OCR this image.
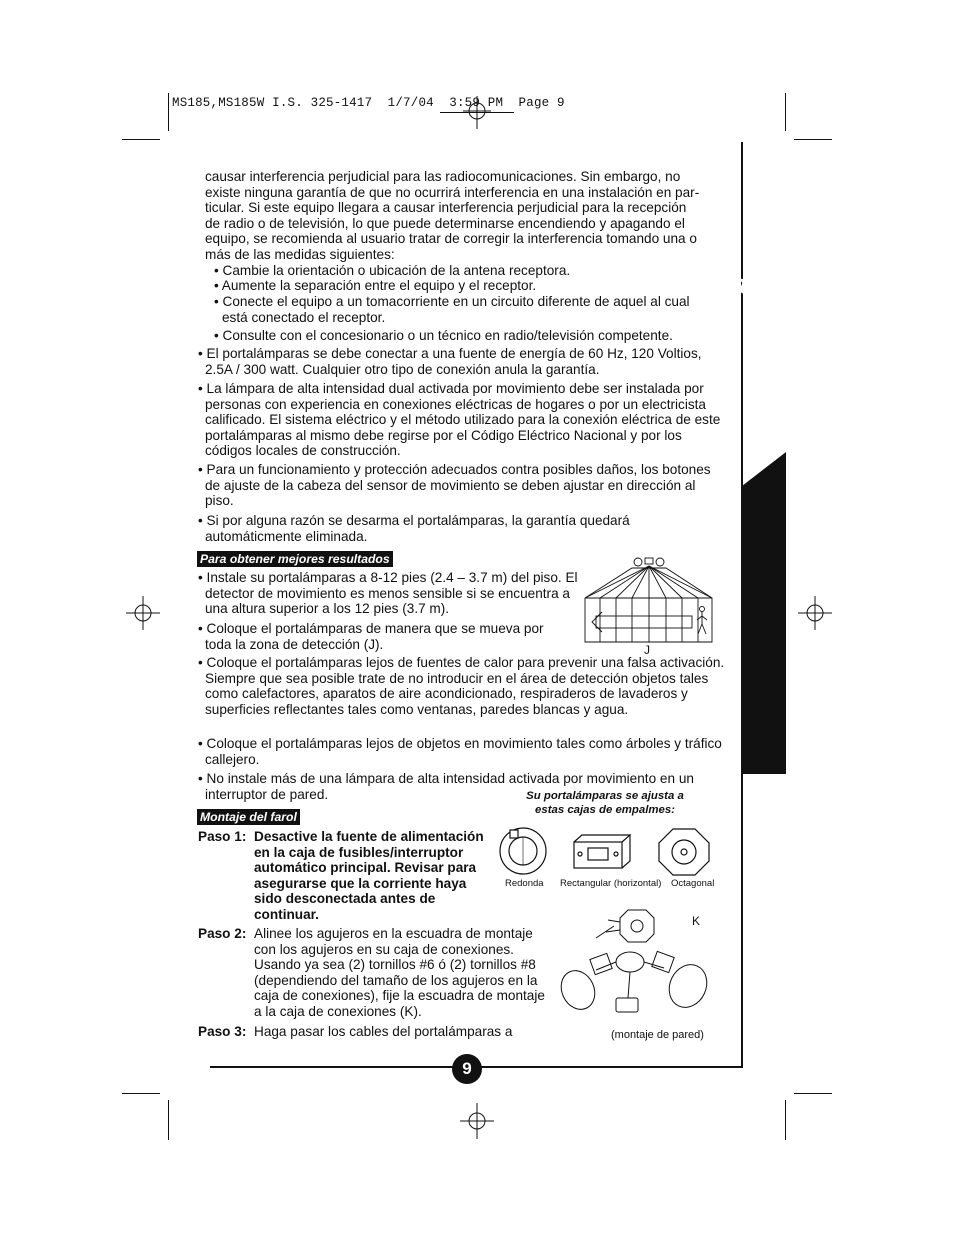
MS185,MS185W I.S. 325-1417  1/7/04  3:59 PM  Page 9
ESPAÑOL
causar interferencia perjudicial para las radiocomunicaciones. Sin embargo, no
existe ninguna garantía de que no ocurrirá interferencia en una instalación en par-
ticular. Si este equipo llegara a causar interferencia perjudicial para la recepción
de radio o de televisión, lo que puede determinarse encendiendo y apagando el
equipo, se recomienda al usuario tratar de corregir la interferencia tomando una o
más de las medidas siguientes:
• Cambie la orientación o ubicación de la antena receptora.
• Aumente la separación entre el equipo y el receptor.
• Conecte el equipo a un tomacorriente en un circuito diferente de aquel al cual está conectado el receptor.
• Consulte con el concesionario o un técnico en radio/televisión competente.
• El portalámparas se debe conectar a una fuente de energía de 60 Hz, 120 Voltios, 2.5A / 300 watt. Cualquier otro tipo de conexión anula la garantía.
• La lámpara de alta intensidad dual activada por movimiento debe ser instalada por personas con experiencia en conexiones eléctricas de hogares o por un electricista calificado. El sistema eléctrico y el método utilizado para la conexión eléctrica de este portalámparas al mismo debe regirse por el Código Eléctrico Nacional y por los códigos locales de construcción.
• Para un funcionamiento y protección adecuados contra posibles daños, los botones de ajuste de la cabeza del sensor de movimiento se deben ajustar en dirección al piso.
• Si por alguna razón se desarma el portalámparas, la garantía quedará automáticmente eliminada.
Para obtener mejores resultados
• Instale su portalámparas a 8-12 pies (2.4 – 3.7 m) del piso. El detector de movimiento es menos sensible si se encuentra a una altura superior a los 12 pies (3.7 m).
• Coloque el portalámparas de manera que se mueva por toda la zona de detección (J).
• Coloque el portalámparas lejos de fuentes de calor para prevenir una falsa activación. Siempre que sea posible trate de no introducir en el área de detección objetos tales como calefactores, aparatos de aire acondicionado, respiraderos de lavaderos y superficies reflectantes tales como ventanas, paredes blancas y agua.
• Coloque el portalámparas lejos de objetos en movimiento tales como árboles y tráfico callejero.
• No instale más de una lámpara de alta intensidad activada por movimiento en un interruptor de pared.
J
Montaje del farol
Su portalámparas se ajusta a
estas cajas de empalmes:
Redonda Rectangular (horizontal) Octagonal
Paso 1: Desactive la fuente de alimentación en la caja de fusibles/interruptor automático principal. Revisar para asegurarse que la corriente haya sido desconectada antes de continuar.
Paso 2: Alinee los agujeros en la escuadra de montaje con los agujeros en su caja de conexiones. Usando ya sea (2) tornillos #6 ó (2) tornillos #8 (dependiendo del tamaño de los agujeros en la caja de conexiones), fije la escuadra de montaje a la caja de conexiones (K).
Paso 3: Haga pasar los cables del portalámparas a
K
(montaje de pared)
9
